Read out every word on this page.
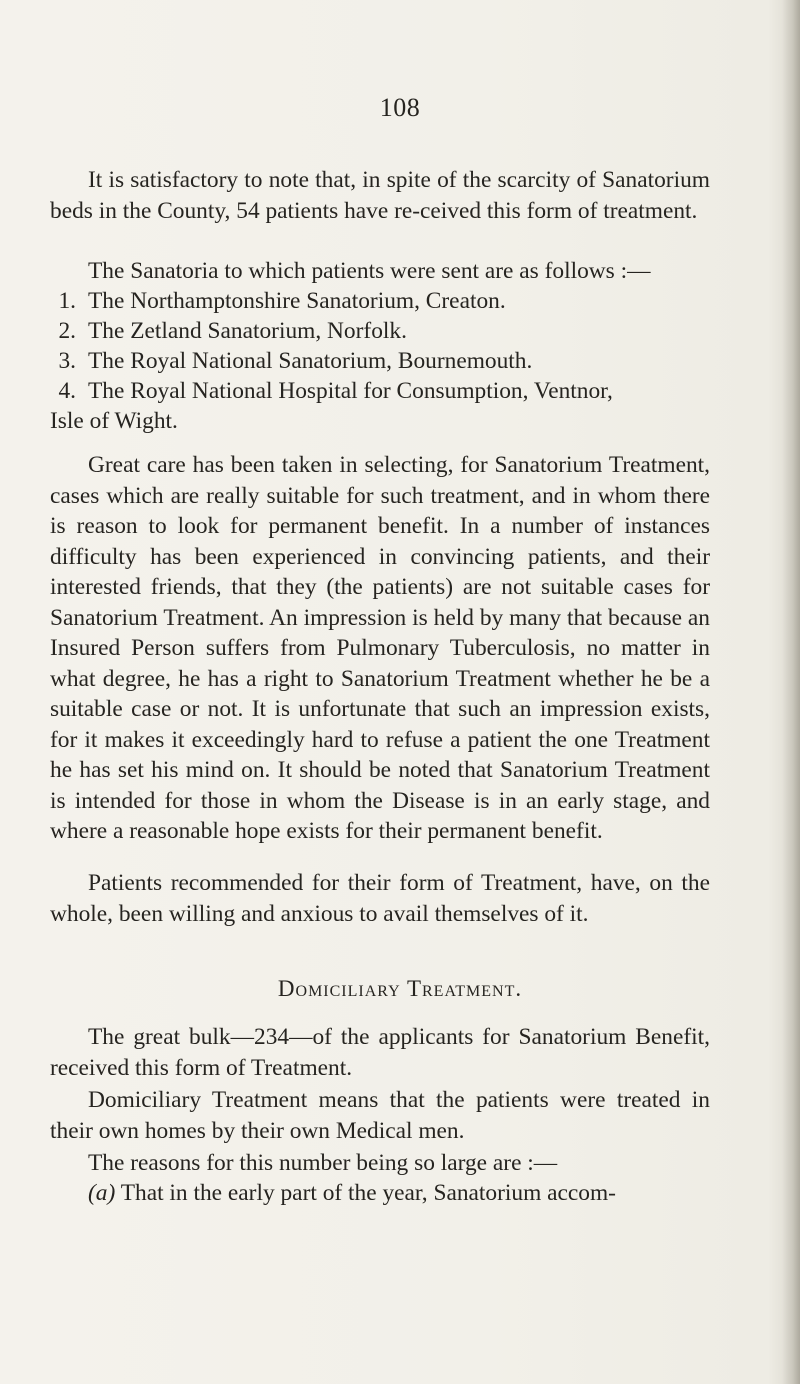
108

It is satisfactory to note that, in spite of the scarcity of Sanatorium beds in the County, 54 patients have re-ceived this form of treatment.

The Sanatoria to which patients were sent are as follows :—

1. The Northamptonshire Sanatorium, Creaton.
2. The Zetland Sanatorium, Norfolk.
3. The Royal National Sanatorium, Bournemouth.
4. The Royal National Hospital for Consumption, Ventnor,
Isle of Wight.

Great care has been taken in selecting, for Sanatorium Treatment, cases which are really suitable for such treatment, and in whom there is reason to look for permanent benefit. In a number of instances difficulty has been experienced in convincing patients, and their interested friends, that they (the patients) are not suitable cases for Sanatorium Treatment. An impression is held by many that because an Insured Person suffers from Pulmonary Tuberculosis, no matter in what degree, he has a right to Sanatorium Treatment whether he be a suitable case or not. It is unfortunate that such an impression exists, for it makes it exceedingly hard to refuse a patient the one Treatment he has set his mind on. It should be noted that Sanatorium Treatment is intended for those in whom the Disease is in an early stage, and where a reasonable hope exists for their permanent benefit.

Patients recommended for their form of Treatment, have, on the whole, been willing and anxious to avail themselves of it.

Domiciliary Treatment.

The great bulk—234—of the applicants for Sanatorium Benefit, received this form of Treatment.

Domiciliary Treatment means that the patients were treated in their own homes by their own Medical men.

The reasons for this number being so large are :—

(a) That in the early part of the year, Sanatorium accom-
